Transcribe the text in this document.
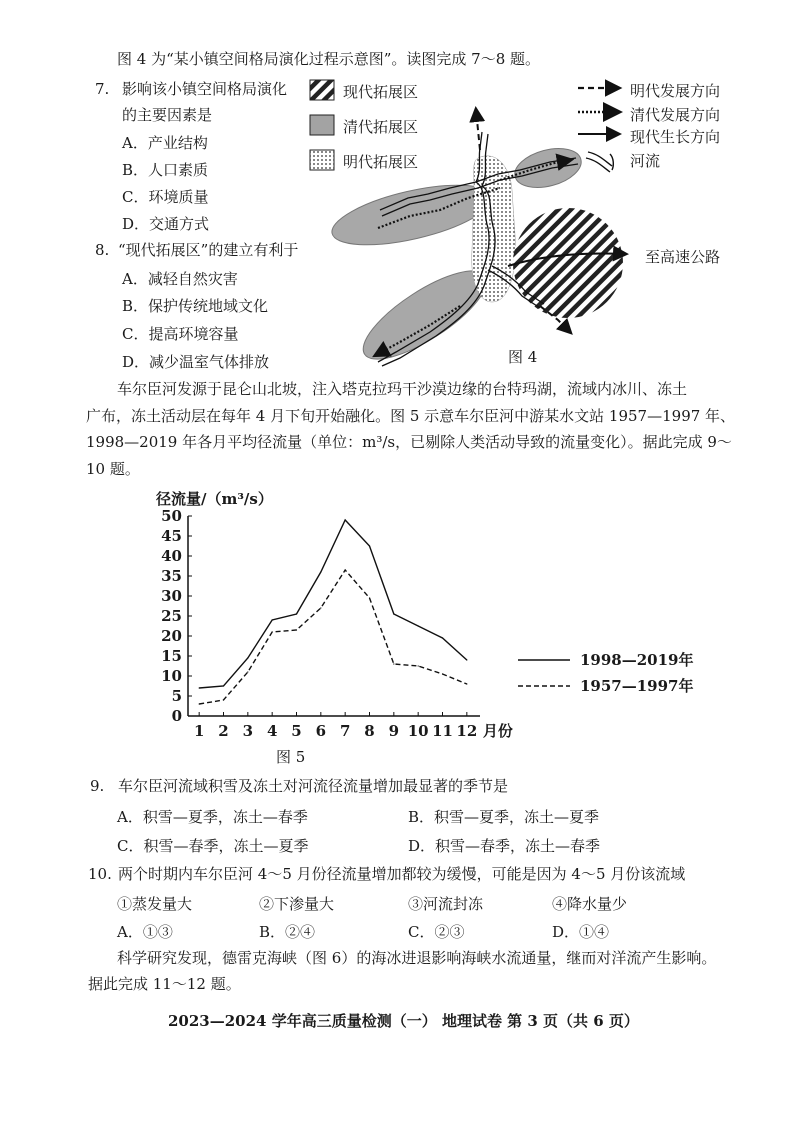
图 4 为“某小镇空间格局演化过程示意图”。读图完成 7～8 题。
7. 影响该小镇空间格局演化
的主要因素是
A．产业结构
B．人口素质
C．环境质量
D．交通方式
8. “现代拓展区”的建立有利于
A．减轻自然灾害
B．保护传统地域文化
C．提高环境容量
D．减少温室气体排放
现代拓展区
清代拓展区
明代拓展区
明代发展方向
清代发展方向
现代生长方向
河流
至高速公路
图 4
车尔臣河发源于昆仑山北坡，注入塔克拉玛干沙漠边缘的台特玛湖，流域内冰川、冻土
广布，冻土活动层在每年 4 月下旬开始融化。图 5 示意车尔臣河中游某水文站 1957—1997 年、
1998—2019 年各月平均径流量（单位：m³/s，已剔除人类活动导致的流量变化）。据此完成 9～
10 题。
径流量/（m³/s）
0
5
10
15
20
25
30
35
40
45
50
1 2 3 4 5 6 7 8 9 10 11 12 月份
1998—2019年
1957—1997年
图 5
9. 车尔臣河流域积雪及冻土对河流径流量增加最显著的季节是
A．积雪—夏季，冻土—春季	B．积雪—夏季，冻土—夏季
C．积雪—春季，冻土—夏季	D．积雪—春季，冻土—春季
10. 两个时期内车尔臣河 4～5 月份径流量增加都较为缓慢，可能是因为 4～5 月份该流域
①蒸发量大	②下渗量大	③河流封冻	④降水量少
A．①③	B．②④	C．②③	D．①④
科学研究发现，德雷克海峡（图 6）的海冰进退影响海峡水流通量，继而对洋流产生影响。
据此完成 11～12 题。
2023—2024 学年高三质量检测（一） 地理试卷 第 3 页（共 6 页）
